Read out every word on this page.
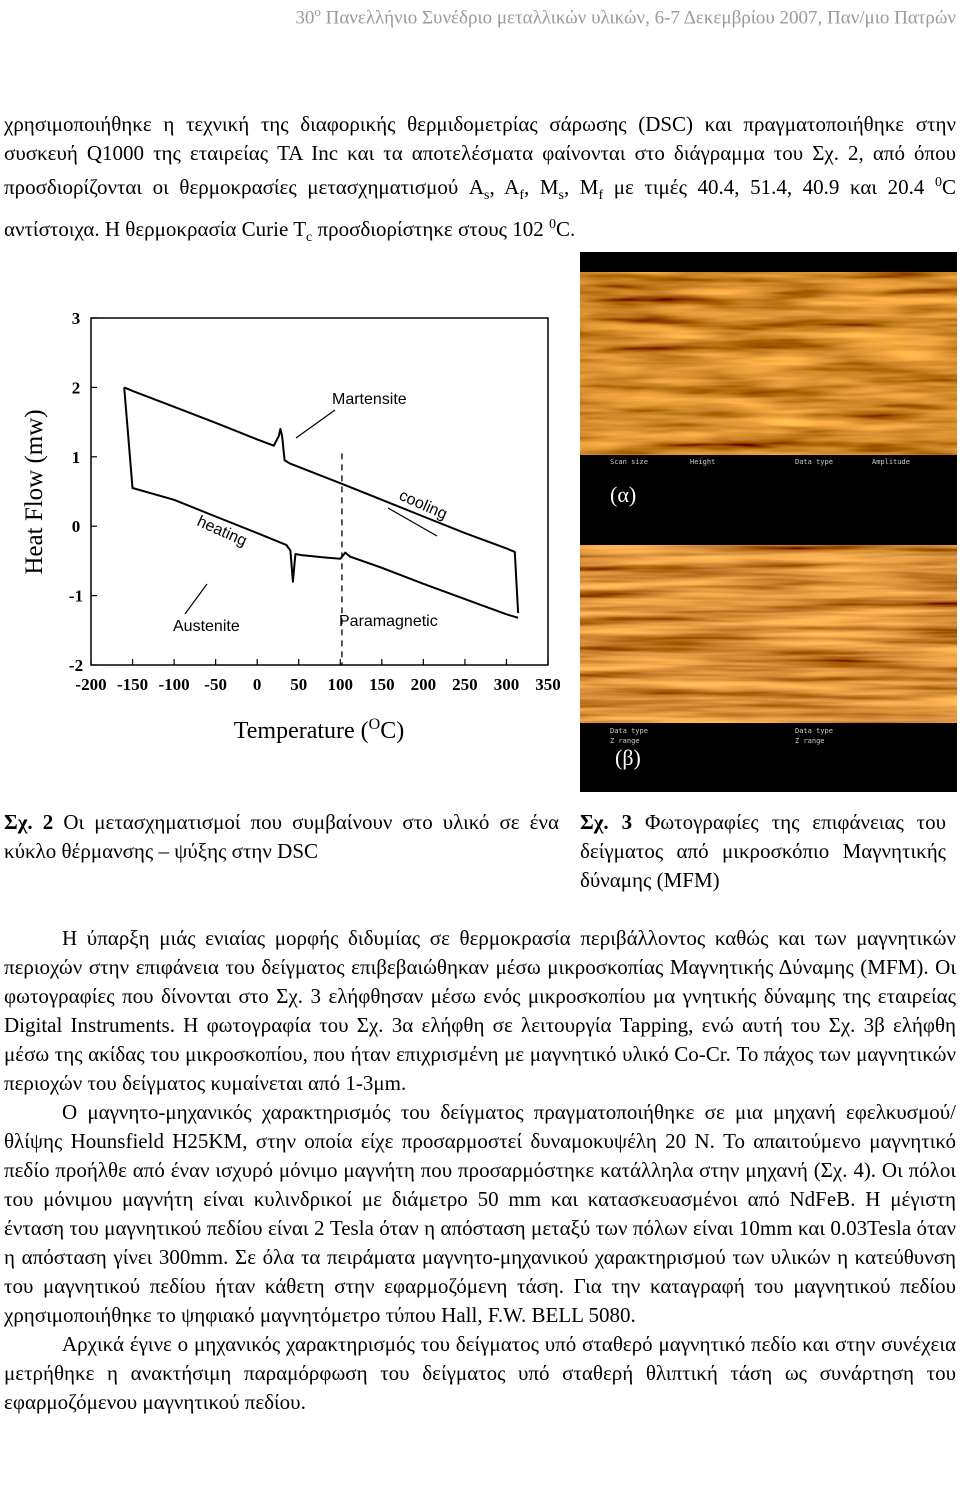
$30^o$ Πανελλήνιο Συνέδριο μεταλλικών υλικών, 6-7 Δεκεμβρίου 2007, Παν/μιο Πατρών

χρησιμοποιήθηκε η τεχνική της διαφορικής θερμιδομετρίας σάρωσης (DSC) και πραγματοποιήθηκε στην συσκευή Q1000 της εταιρείας TA Inc και τα αποτελέσματα φαίνονται στο διάγραμμα του Σχ. 2, από όπου προσδιορίζονται οι θερμοκρασίες μετασχηματισμού $A_s$, $A_f$, $M_s$, $M_f$ με τιμές 40.4, 51.4, 40.9 και 20.4 $^0$C αντίστοιχα. Η θερμοκρασία Curie $T_c$ προσδιορίστηκε στους 102 $^0$C.

3
2
1
0
-1
-2
-200 -150 -100 -50 0 50 100 150 200 250 300 350
Heat Flow (mw)
Temperature ($^O$C)
Martensite
cooling
heating
Austenite	Paramagnetic
Scan size	Height	Data type	Amplitude
(α)
Data type
Z range
Data type
Z range
(β)
Σχ. 2 Οι μετασχηματισμοί που συμβαίνουν στο υλικό σε ένα κύκλο θέρμανσης – ψύξης στην DSC
Σχ. 3 Φωτογραφίες της επιφάνειας του δείγματος από μικροσκόπιο Μαγνητικής δύναμης (MFM)

Η ύπαρξη μιάς ενιαίας μορφής διδυμίας σε θερμοκρασία περιβάλλοντος καθώς και των μαγνητικών περιοχών στην επιφάνεια του δείγματος επιβεβαιώθηκαν μέσω μικροσκοπίας Μαγνητικής Δύναμης (MFM). Οι φωτογραφίες που δίνονται στο Σχ. 3 ελήφθησαν μέσω ενός μικροσκοπίου μα γνητικής δύναμης της εταιρείας Digital Instruments. Η φωτογραφία του Σχ. 3α ελήφθη σε λειτουργία Tapping, ενώ αυτή του Σχ. 3β ελήφθη μέσω της ακίδας του μικροσκοπίου, που ήταν επιχρισμένη με μαγνητικό υλικό Co-Cr. Το πάχος των μαγνητικών περιοχών του δείγματος κυμαίνεται από 1-3μm.

Ο μαγνητο-μηχανικός χαρακτηρισμός του δείγματος πραγματοποιήθηκε σε μια μηχανή εφελκυσμού/θλίψης Hounsfield H25KM, στην οποία είχε προσαρμοστεί δυναμοκυψέλη 20 N. Το απαιτούμενο μαγνητικό πεδίο προήλθε από έναν ισχυρό μόνιμο μαγνήτη που προσαρμόστηκε κατάλληλα στην μηχανή (Σχ. 4). Οι πόλοι του μόνιμου μαγνήτη είναι κυλινδρικοί με διάμετρο 50 mm και κατασκευασμένοι από NdFeB. Η μέγιστη ένταση του μαγνητικού πεδίου είναι 2 Tesla όταν η απόσταση μεταξύ των πόλων είναι 10mm και 0.03Tesla όταν η απόσταση γίνει 300mm. Σε όλα τα πειράματα μαγνητο-μηχανικού χαρακτηρισμού των υλικών η κατεύθυνση του μαγνητικού πεδίου ήταν κάθετη στην εφαρμοζόμενη τάση. Για την καταγραφή του μαγνητικού πεδίου χρησιμοποιήθηκε το ψηφιακό μαγνητόμετρο τύπου Hall, F.W. BELL 5080.

Αρχικά έγινε ο μηχανικός χαρακτηρισμός του δείγματος υπό σταθερό μαγνητικό πεδίο και στην συνέχεια μετρήθηκε η ανακτήσιμη παραμόρφωση του δείγματος υπό σταθερή θλιπτική τάση ως συνάρτηση του εφαρμοζόμενου μαγνητικού πεδίου.
